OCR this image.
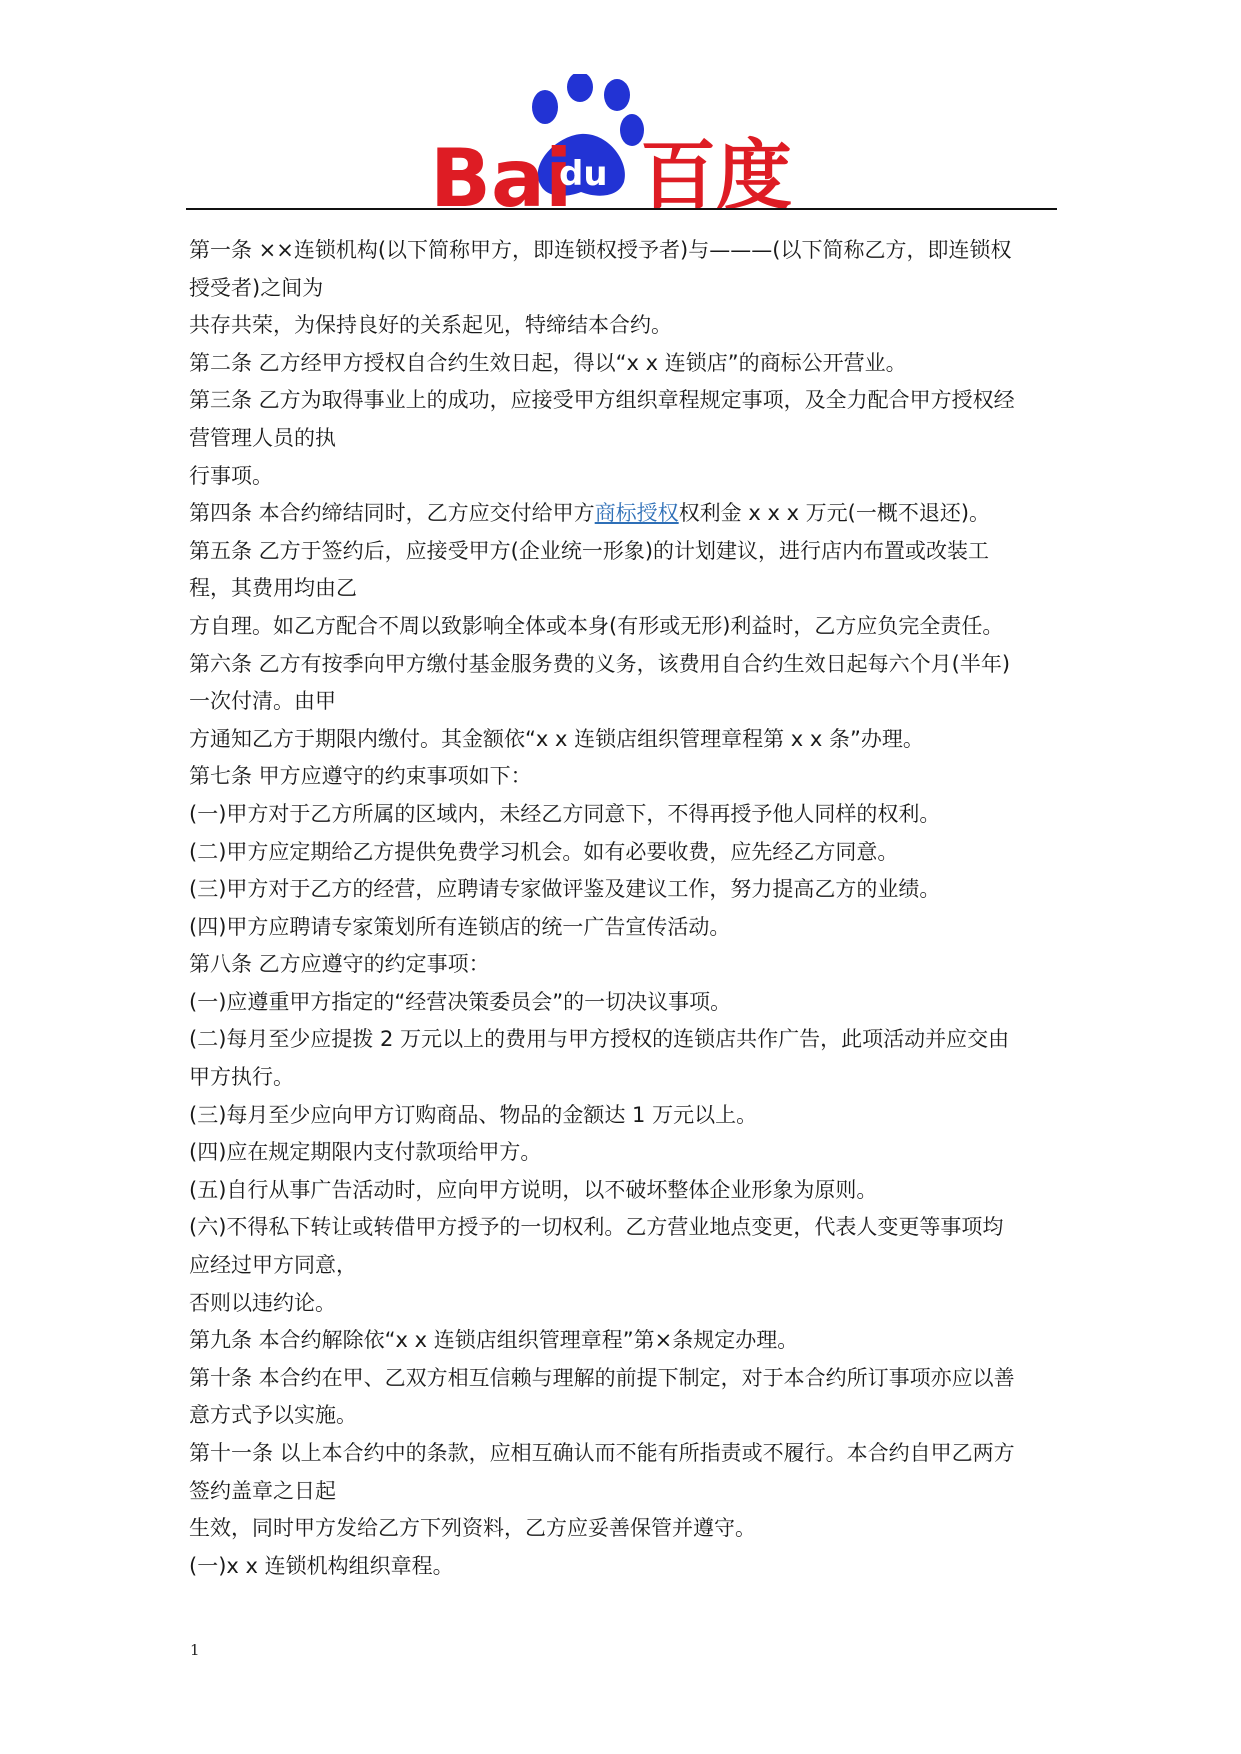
Bai
du 百度
第一条 ××连锁机构(以下简称甲方，即连锁权授予者)与———(以下简称乙方，即连锁权
授受者)之间为
共存共荣，为保持良好的关系起见，特缔结本合约。
第二条 乙方经甲方授权自合约生效日起，得以“x x 连锁店”的商标公开营业。
第三条 乙方为取得事业上的成功，应接受甲方组织章程规定事项，及全力配合甲方授权经
营管理人员的执
行事项。
第四条 本合约缔结同时，乙方应交付给甲方商标授权权利金 x x x 万元(一概不退还)。
第五条 乙方于签约后，应接受甲方(企业统一形象)的计划建议，进行店内布置或改装工
程，其费用均由乙
方自理。如乙方配合不周以致影响全体或本身(有形或无形)利益时，乙方应负完全责任。
第六条 乙方有按季向甲方缴付基金服务费的义务，该费用自合约生效日起每六个月(半年)
一次付清。由甲
方通知乙方于期限内缴付。其金额依“x x 连锁店组织管理章程第 x x 条”办理。
第七条 甲方应遵守的约束事项如下：
(一)甲方对于乙方所属的区域内，未经乙方同意下，不得再授予他人同样的权利。
(二)甲方应定期给乙方提供免费学习机会。如有必要收费，应先经乙方同意。
(三)甲方对于乙方的经营，应聘请专家做评鉴及建议工作，努力提高乙方的业绩。
(四)甲方应聘请专家策划所有连锁店的统一广告宣传活动。
第八条 乙方应遵守的约定事项：
(一)应遵重甲方指定的“经营决策委员会”的一切决议事项。
(二)每月至少应提拨 2 万元以上的费用与甲方授权的连锁店共作广告，此项活动并应交由
甲方执行。
(三)每月至少应向甲方订购商品、物品的金额达 1 万元以上。
(四)应在规定期限内支付款项给甲方。
(五)自行从事广告活动时，应向甲方说明，以不破坏整体企业形象为原则。
(六)不得私下转让或转借甲方授予的一切权利。乙方营业地点变更，代表人变更等事项均
应经过甲方同意，
否则以违约论。
第九条 本合约解除依“x x 连锁店组织管理章程”第×条规定办理。
第十条 本合约在甲、乙双方相互信赖与理解的前提下制定，对于本合约所订事项亦应以善
意方式予以实施。
第十一条 以上本合约中的条款，应相互确认而不能有所指责或不履行。本合约自甲乙两方
签约盖章之日起
生效，同时甲方发给乙方下列资料，乙方应妥善保管并遵守。
(一)x x 连锁机构组织章程。
1
